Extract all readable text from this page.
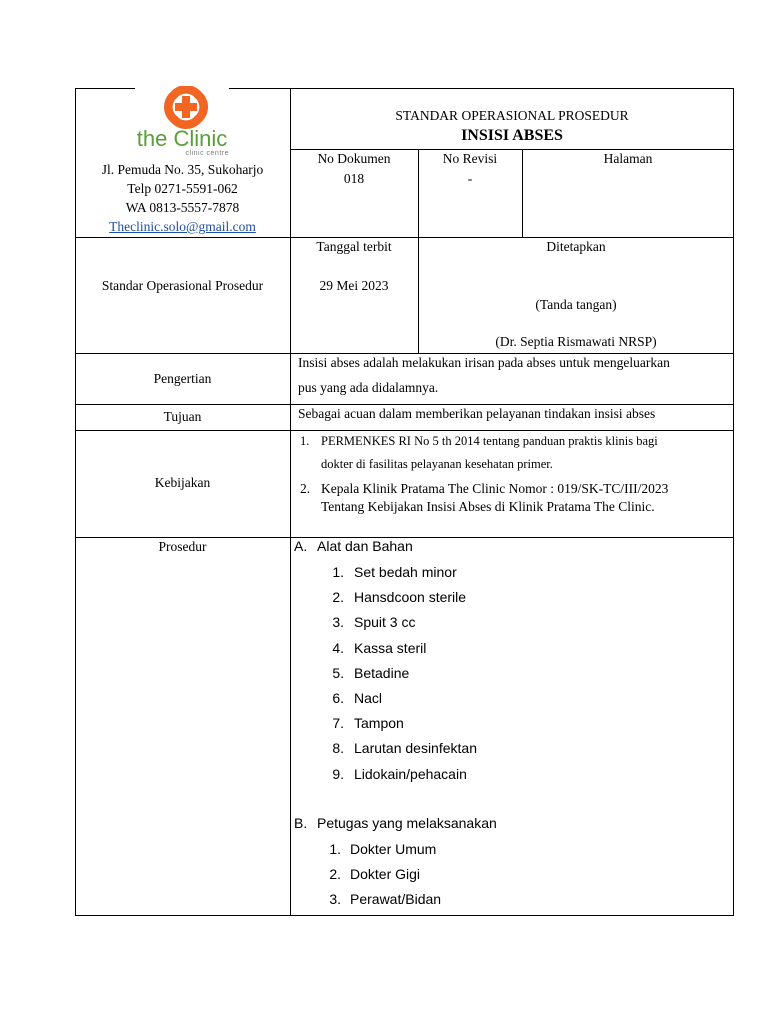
the Clinic
clinic centre
Jl. Pemuda No. 35, Sukoharjo
Telp 0271-5591-062
WA 0813-5557-7878
Theclinic.solo@gmail.com
STANDAR OPERASIONAL PROSEDUR
INSISI ABSES
No Dokumen
018
No Revisi
-
Halaman
Standar Operasional Prosedur
Tanggal terbit
29 Mei 2023
Ditetapkan
(Tanda tangan)
(Dr. Septia Rismawati NRSP)
Pengertian
Insisi abses adalah melakukan irisan pada abses untuk mengeluarkan
pus yang ada didalamnya.
Tujuan	Sebagai acuan dalam memberikan pelayanan tindakan insisi abses
Kebijakan
1. PERMENKES RI No 5 th 2014 tentang panduan praktis klinis bagi
dokter di fasilitas pelayanan kesehatan primer.
2. Kepala Klinik Pratama The Clinic Nomor : 019/SK-TC/III/2023
Tentang Kebijakan Insisi Abses di Klinik Pratama The Clinic.
Prosedur	A. Alat dan Bahan
1. Set bedah minor
2. Hansdcoon sterile
3. Spuit 3 cc
4. Kassa steril
5. Betadine
6. Nacl
7. Tampon
8. Larutan desinfektan
9. Lidokain/pehacain
B. Petugas yang melaksanakan
1. Dokter Umum
2. Dokter Gigi
3. Perawat/Bidan
